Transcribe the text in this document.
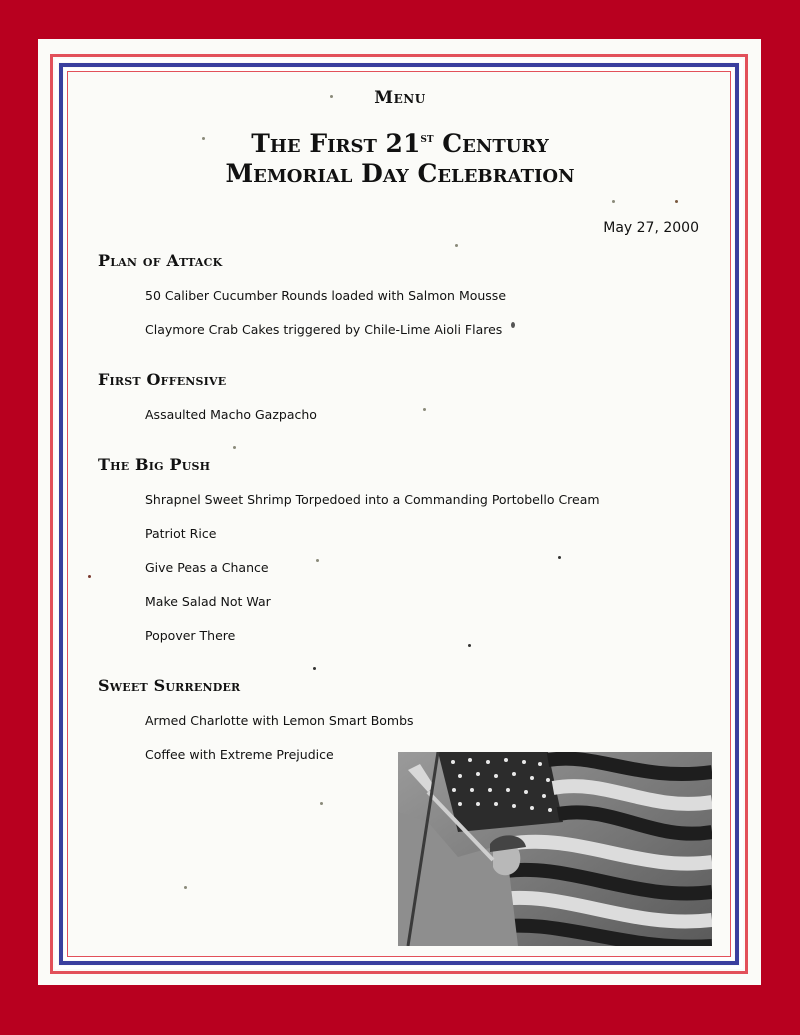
Menu
The First 21st Century
Memorial Day Celebration
May 27, 2000
Plan of Attack
50 Caliber Cucumber Rounds loaded with Salmon Mousse
Claymore Crab Cakes triggered by Chile-Lime Aioli Flares
First Offensive
Assaulted Macho Gazpacho
The Big Push
Shrapnel Sweet Shrimp Torpedoed into a Commanding Portobello Cream
Patriot Rice
Give Peas a Chance
Make Salad Not War
Popover There
Sweet Surrender
Armed Charlotte with Lemon Smart Bombs
Coffee with Extreme Prejudice
